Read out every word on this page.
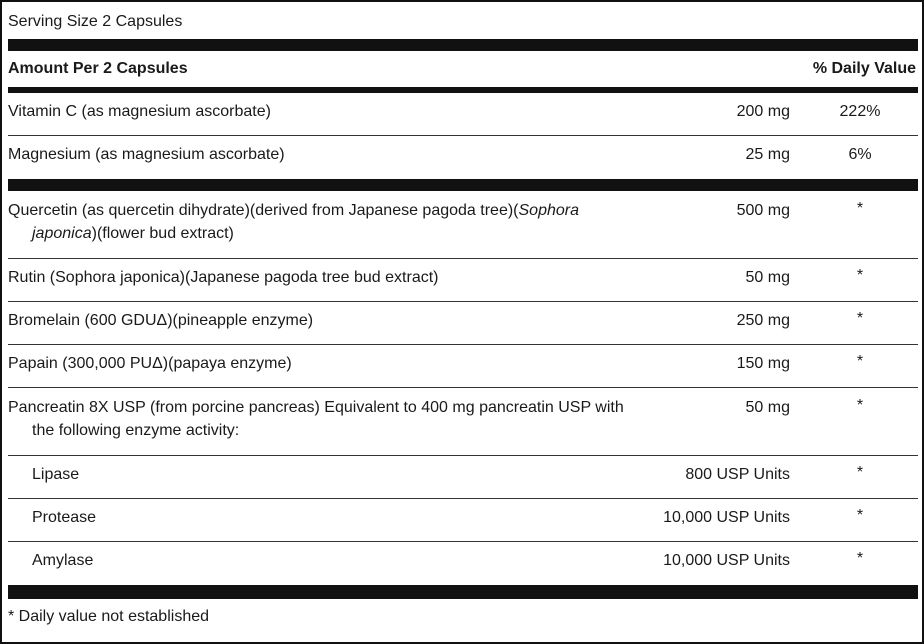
Serving Size 2 Capsules
Amount Per 2 Capsules	% Daily Value
Vitamin C (as magnesium ascorbate)	200 mg	222%
Magnesium (as magnesium ascorbate)	25 mg	6%
Quercetin (as quercetin dihydrate)(derived from Japanese pagoda tree)(Sophora
japonica)(flower bud extract)
500 mg	*
Rutin (Sophora japonica)(Japanese pagoda tree bud extract)	50 mg	*
Bromelain (600 GDUΔ)(pineapple enzyme)	250 mg	*
Papain (300,000 PUΔ)(papaya enzyme)	150 mg	*
Pancreatin 8X USP (from porcine pancreas) Equivalent to 400 mg pancreatin USP with
the following enzyme activity:
50 mg	*
Lipase	800 USP Units	*
Protease	10,000 USP Units	*
Amylase	10,000 USP Units	*
* Daily value not established
